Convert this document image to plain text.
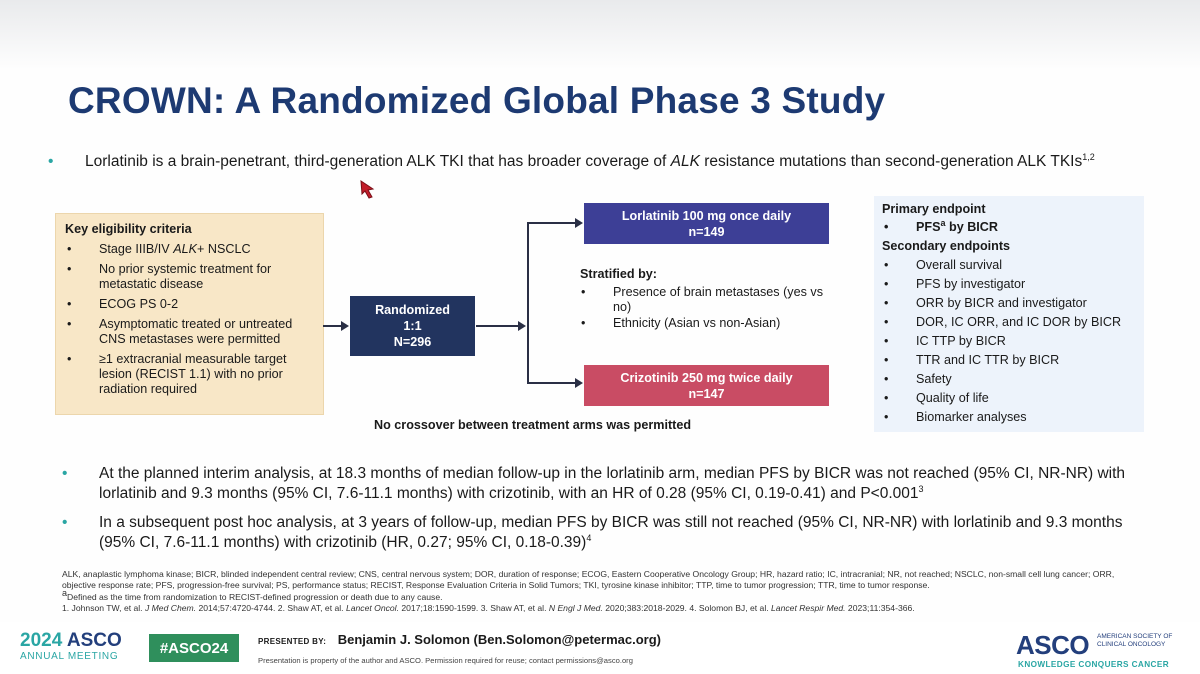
CROWN: A Randomized Global Phase 3 Study
• Lorlatinib is a brain-penetrant, third-generation ALK TKI that has broader coverage of ALK resistance mutations than second-generation ALK TKIs$^{1,2}$
Key eligibility criteria
• Stage IIIB/IV ALK+ NSCLC
• No prior systemic treatment for metastatic disease
• ECOG PS 0-2
• Asymptomatic treated or untreated CNS metastases were permitted
• ≥1 extracranial measurable target lesion (RECIST 1.1) with no prior radiation required
Randomized
1:1
N=296
Lorlatinib 100 mg once daily
n=149
Stratified by:
• Presence of brain metastases (yes vs no)
• Ethnicity (Asian vs non-Asian)
Crizotinib 250 mg twice daily
n=147
No crossover between treatment arms was permitted
Primary endpoint
• PFS$^a$ by BICR
Secondary endpoints
• Overall survival
• PFS by investigator
• ORR by BICR and investigator
• DOR, IC ORR, and IC DOR by BICR
• IC TTP by BICR
• TTR and IC TTR by BICR
• Safety
• Quality of life
• Biomarker analyses
• At the planned interim analysis, at 18.3 months of median follow-up in the lorlatinib arm, median PFS by BICR was not reached (95% CI, NR-NR) with lorlatinib and 9.3 months (95% CI, 7.6-11.1 months) with crizotinib, with an HR of 0.28 (95% CI, 0.19-0.41) and $P<0.001^3$
• In a subsequent post hoc analysis, at 3 years of follow-up, median PFS by BICR was still not reached (95% CI, NR-NR) with lorlatinib and 9.3 months (95% CI, 7.6-11.1 months) with crizotinib (HR, 0.27; 95% CI, 0.18-0.39)$^4$

ALK, anaplastic lymphoma kinase; BICR, blinded independent central review; CNS, central nervous system; DOR, duration of response; ECOG, Eastern Cooperative Oncology Group; HR, hazard ratio; IC, intracranial; NR, not reached; NSCLC, non-small cell lung cancer; ORR, objective response rate; PFS, progression-free survival; PS, performance status; RECIST, Response Evaluation Criteria in Solid Tumors; TKI, tyrosine kinase inhibitor; TTP, time to tumor progression; TTR, time to tumor response.

$^a$Defined as the time from randomization to RECIST-defined progression or death due to any cause.

1. Johnson TW, et al. J Med Chem. 2014;57:4720-4744. 2. Shaw AT, et al. Lancet Oncol. 2017;18:1590-1599. 3. Shaw AT, et al. N Engl J Med. 2020;383:2018-2029. 4. Solomon BJ, et al. Lancet Respir Med. 2023;11:354-366.

2024 ASCO
ANNUAL MEETING	#ASCO24	PRESENTED BY: Benjamin J. Solomon (Ben.Solomon@petermac.org)
Presentation is property of the author and ASCO. Permission required for reuse; contact permissions@asco.org
ASCO AMERICAN SOCIETY OF CLINICAL ONCOLOGY
KNOWLEDGE CONQUERS CANCER
